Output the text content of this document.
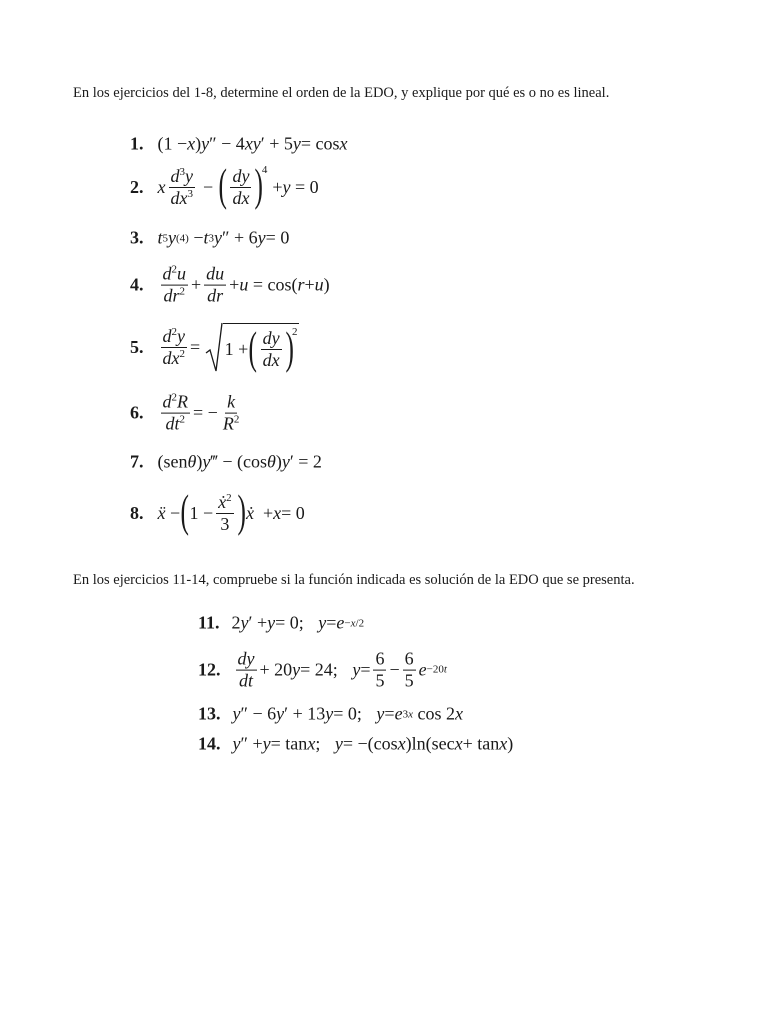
En los ejercicios del 1-8, determine el orden de la EDO, y explique por qué es o no es lineal.
1. (1 − x ) y ″ − 4 xy ′ + 5 y = cos x
2. x $\frac{d^3y}{dx^3}$ − ( $\frac{dy}{dx}$ )
4
+ y = 0
3. t 5 y (4) − t 3 y ″ + 6 y = 0
4. $\frac{d^2u}{dr^2} + \frac{du}{dr} + u = \cos$( r + u )
5. $\frac{d^2y}{dx^2} = 1$ + ( $\frac{dy}{dx}$ )
2
6. $\frac{d^2R}{dt^2}$ = − $\frac{k}{R^2}$
7. (sen θ ) y ‴ − (cos θ ) y ′ = 2
8. ẍ − ( $1 - \frac{ẋ^2}{3}$ ) ẋ + x = 0
En los ejercicios 11-14, compruebe si la función indicada es solución de la EDO que se presenta.
11. 2 y ′ + y = 0;
y = e −x/2
12. $\frac{dy}{dt} + 20$ y = 24;
$y = \frac{6}{5} - \frac{6}{5}$ e −20t
13. y ″ − 6 y ′ + 13 y = 0;
y = e 3x cos 2 x
14. y ″ + y = tan x ;
y = −(cos x )ln(sec x + tan x )
